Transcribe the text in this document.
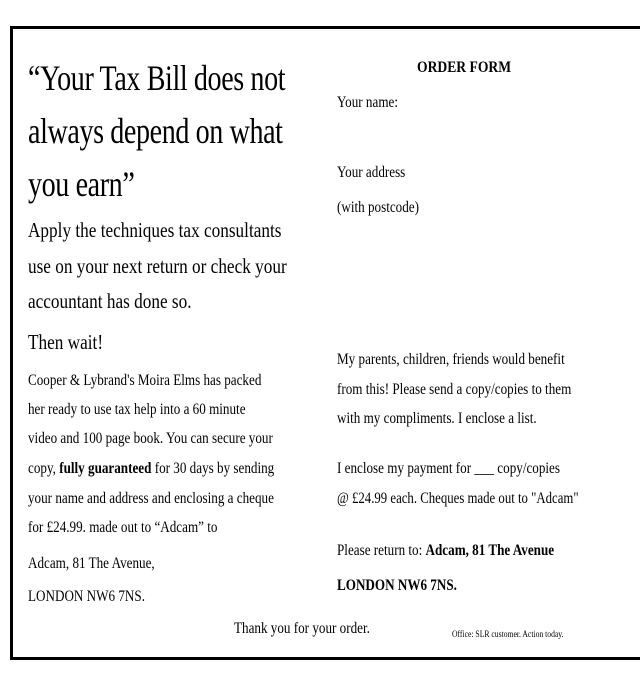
“Your Tax Bill does not
always depend on what
you earn”
Apply the techniques tax consultants
use on your next return or check your
accountant has done so.
Then wait!
Cooper & Lybrand's Moira Elms has packed
her ready to use tax help into a 60 minute
video and 100 page book. You can secure your
copy, fully guaranteed for 30 days by sending
your name and address and enclosing a cheque
for £24.99. made out to “Adcam” to
Adcam, 81 The Avenue,
LONDON NW6 7NS.
ORDER FORM
Your name:
Your address
(with postcode)
My parents, children, friends would benefit
from this! Please send a copy/copies to them
with my compliments. I enclose a list.
I enclose my payment for ___ copy/copies
@ £24.99 each. Cheques made out to "Adcam"
Please return to: Adcam, 81 The Avenue
LONDON NW6 7NS.
Thank you for your order.	Office: SLR customer. Action today.
